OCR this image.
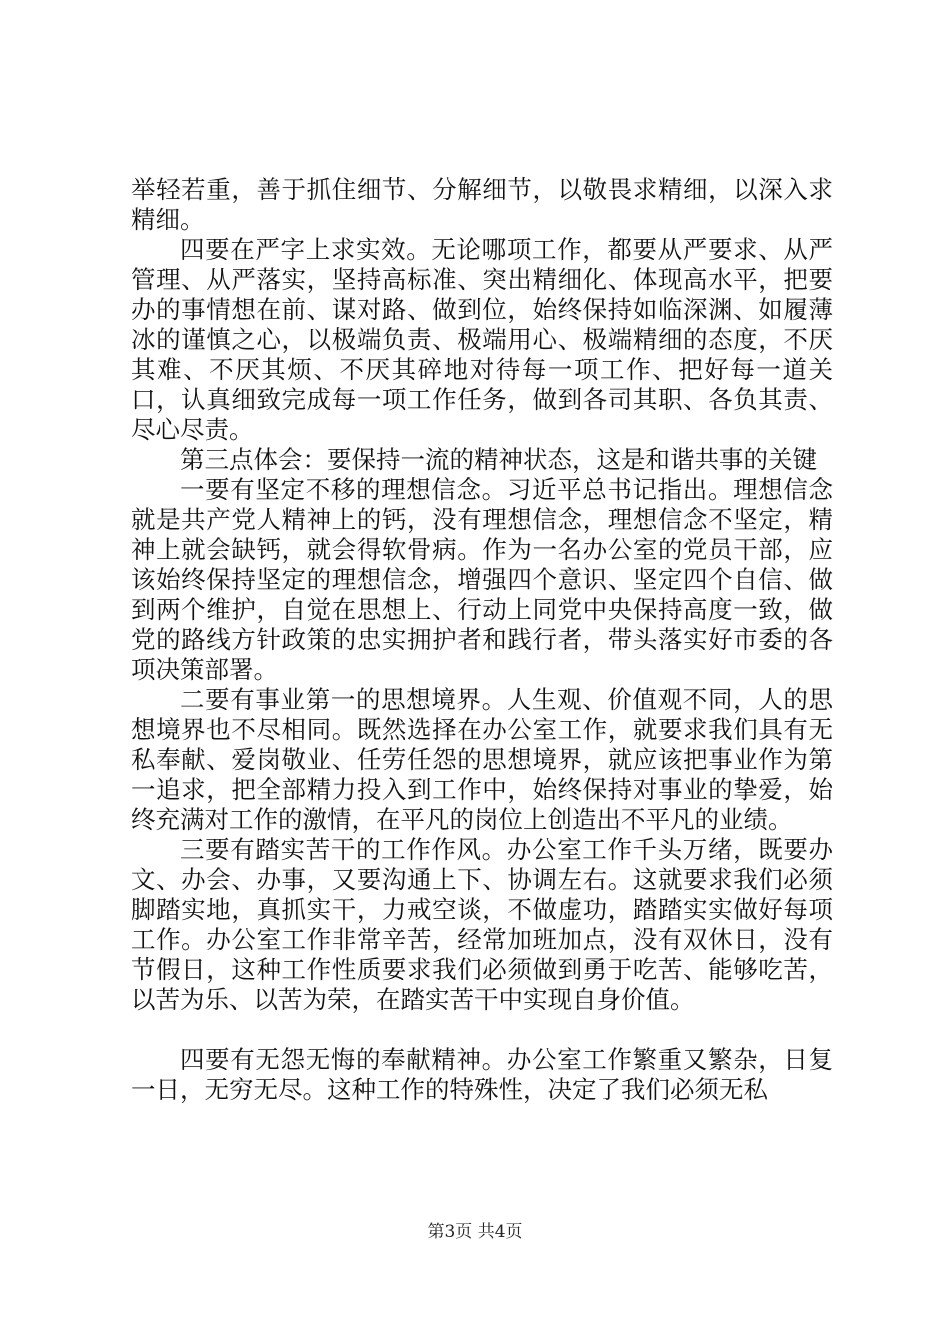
举轻若重，善于抓住细节、分解细节，以敬畏求精细，以深入求精细。

四要在严字上求实效。无论哪项工作，都要从严要求、从严管理、从严落实，坚持高标准、突出精细化、体现高水平，把要办的事情想在前、谋对路、做到位，始终保持如临深渊、如履薄冰的谨慎之心，以极端负责、极端用心、极端精细的态度，不厌其难、不厌其烦、不厌其碎地对待每一项工作、把好每一道关口，认真细致完成每一项工作任务，做到各司其职、各负其责、尽心尽责。

第三点体会：要保持一流的精神状态，这是和谐共事的关键

一要有坚定不移的理想信念。习近平总书记指出。理想信念就是共产党人精神上的钙，没有理想信念，理想信念不坚定，精神上就会缺钙，就会得软骨病。作为一名办公室的党员干部，应该始终保持坚定的理想信念，增强四个意识、坚定四个自信、做到两个维护，自觉在思想上、行动上同党中央保持高度一致，做党的路线方针政策的忠实拥护者和践行者，带头落实好市委的各项决策部署。

二要有事业第一的思想境界。人生观、价值观不同，人的思想境界也不尽相同。既然选择在办公室工作，就要求我们具有无私奉献、爱岗敬业、任劳任怨的思想境界，就应该把事业作为第一追求，把全部精力投入到工作中，始终保持对事业的挚爱，始终充满对工作的激情，在平凡的岗位上创造出不平凡的业绩。

三要有踏实苦干的工作作风。办公室工作千头万绪，既要办文、办会、办事，又要沟通上下、协调左右。这就要求我们必须脚踏实地，真抓实干，力戒空谈，不做虚功，踏踏实实做好每项工作。办公室工作非常辛苦，经常加班加点，没有双休日，没有节假日，这种工作性质要求我们必须做到勇于吃苦、能够吃苦，以苦为乐、以苦为荣，在踏实苦干中实现自身价值。

四要有无怨无悔的奉献精神。办公室工作繁重又繁杂，日复一日，无穷无尽。这种工作的特殊性，决定了我们必须无私

第3页 共4页
